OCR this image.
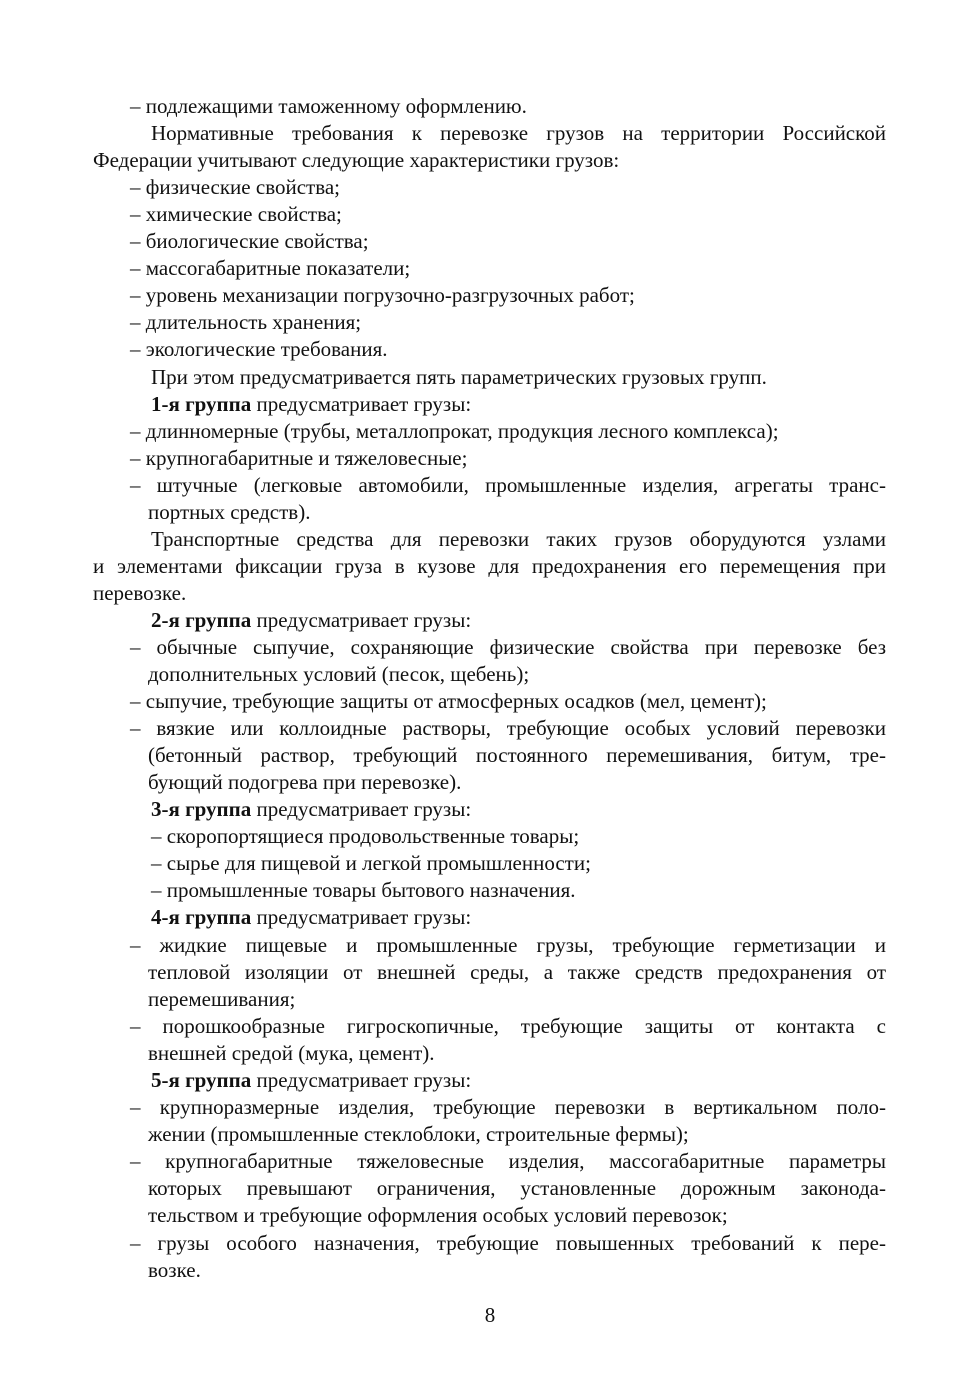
– подлежащими таможенному оформлению.
Нормативные требования к перевозке грузов на территории Российской
Федерации учитывают следующие характеристики грузов:
– физические свойства;
– химические свойства;
– биологические свойства;
– массогабаритные показатели;
– уровень механизации погрузочно-разгрузочных работ;
– длительность хранения;
– экологические требования.
При этом предусматривается пять параметрических грузовых групп.
1-я группа предусматривает грузы:
– длинномерные (трубы, металлопрокат, продукция лесного комплекса);
– крупногабаритные и тяжеловесные;
– штучные (легковые автомобили, промышленные изделия, агрегаты транс-
портных средств).
Транспортные средства для перевозки таких грузов оборудуются узлами
и элементами фиксации груза в кузове для предохранения его перемещения при
перевозке.
2-я группа предусматривает грузы:
– обычные сыпучие, сохраняющие физические свойства при перевозке без
дополнительных условий (песок, щебень);
– сыпучие, требующие защиты от атмосферных осадков (мел, цемент);
– вязкие или коллоидные растворы, требующие особых условий перевозки
(бетонный раствор, требующий постоянного перемешивания, битум, тре-
бующий подогрева при перевозке).
3-я группа предусматривает грузы:
– скоропортящиеся продовольственные товары;
– сырье для пищевой и легкой промышленности;
– промышленные товары бытового назначения.
4-я группа предусматривает грузы:
– жидкие пищевые и промышленные грузы, требующие герметизации и
тепловой изоляции от внешней среды, а также средств предохранения от
перемешивания;
– порошкообразные гигроскопичные, требующие защиты от контакта с
внешней средой (мука, цемент).
5-я группа предусматривает грузы:
– крупноразмерные изделия, требующие перевозки в вертикальном поло-
жении (промышленные стеклоблоки, строительные фермы);
– крупногабаритные тяжеловесные изделия, массогабаритные параметры
которых превышают ограничения, установленные дорожным законода-
тельством и требующие оформления особых условий перевозок;
– грузы особого назначения, требующие повышенных требований к пере-
возке.
8
